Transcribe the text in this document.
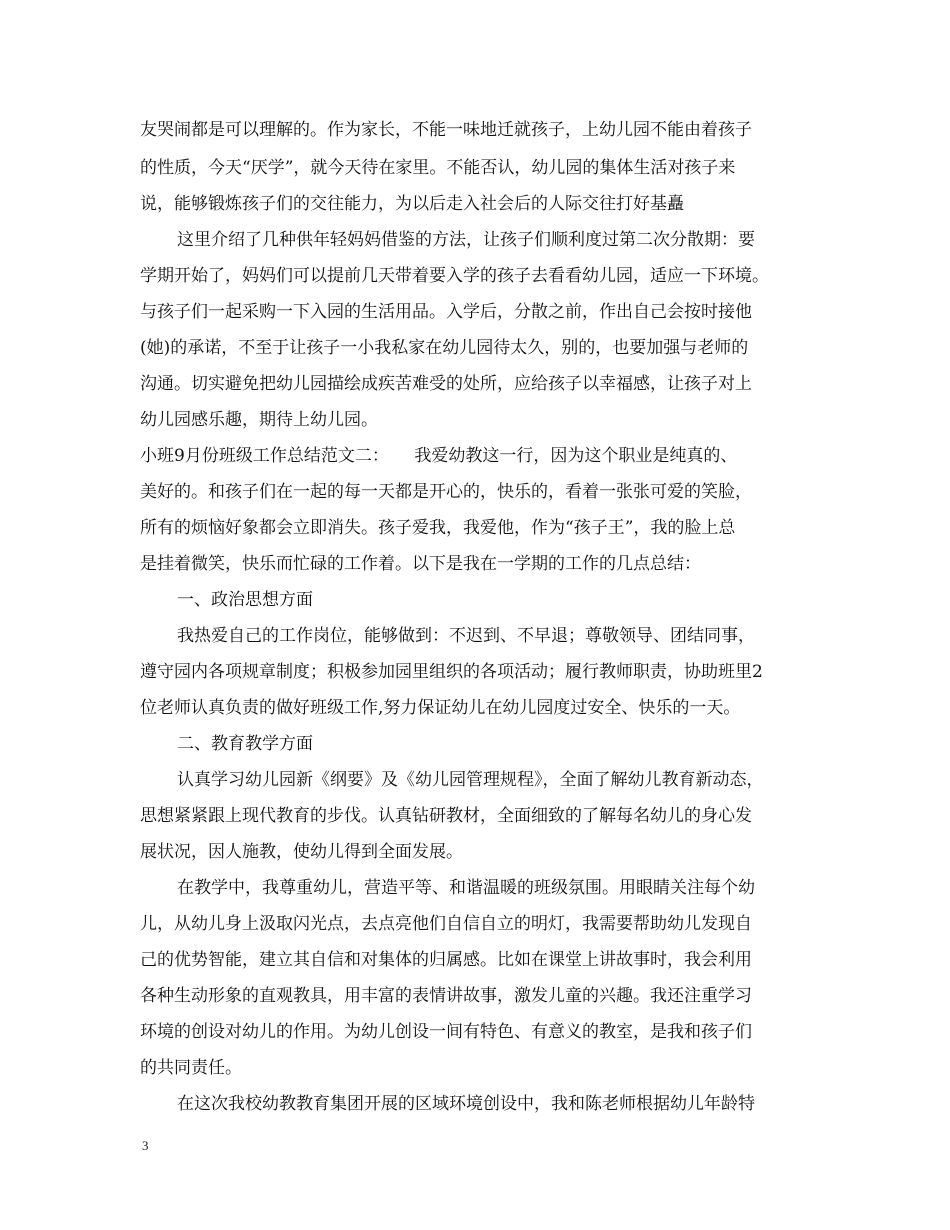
友哭闹都是可以理解的。作为家长，不能一味地迁就孩子，上幼儿园不能由着孩子

的性质，今天“厌学”，就今天待在家里。不能否认，幼儿园的集体生活对孩子来

说，能够锻炼孩子们的交往能力，为以后走入社会后的人际交往打好基矗

这里介绍了几种供年轻妈妈借鉴的方法，让孩子们顺利度过第二次分散期：要

学期开始了，妈妈们可以提前几天带着要入学的孩子去看看幼儿园，适应一下环境。

与孩子们一起采购一下入园的生活用品。入学后，分散之前，作出自己会按时接他

(她)的承诺，不至于让孩子一小我私家在幼儿园待太久，别的，也要加强与老师的

沟通。切实避免把幼儿园描绘成疾苦难受的处所，应给孩子以幸福感，让孩子对上

幼儿园感乐趣，期待上幼儿园。

小班9月份班级工作总结范文二：　　我爱幼教这一行，因为这个职业是纯真的、

美好的。和孩子们在一起的每一天都是开心的，快乐的，看着一张张可爱的笑脸，

所有的烦恼好象都会立即消失。孩子爱我，我爱他，作为“孩子王”，我的脸上总

是挂着微笑，快乐而忙碌的工作着。以下是我在一学期的工作的几点总结：

一、政治思想方面

我热爱自己的工作岗位，能够做到：不迟到、不早退；尊敬领导、团结同事，

遵守园内各项规章制度；积极参加园里组织的各项活动；履行教师职责，协助班里2

位老师认真负责的做好班级工作,努力保证幼儿在幼儿园度过安全、快乐的一天。

二、教育教学方面

认真学习幼儿园新《纲要》及《幼儿园管理规程》，全面了解幼儿教育新动态，

思想紧紧跟上现代教育的步伐。认真钻研教材，全面细致的了解每名幼儿的身心发

展状况，因人施教，使幼儿得到全面发展。

在教学中，我尊重幼儿，营造平等、和谐温暖的班级氛围。用眼睛关注每个幼

儿，从幼儿身上汲取闪光点，去点亮他们自信自立的明灯，我需要帮助幼儿发现自

己的优势智能，建立其自信和对集体的归属感。比如在课堂上讲故事时，我会利用

各种生动形象的直观教具，用丰富的表情讲故事，激发儿童的兴趣。我还注重学习

环境的创设对幼儿的作用。为幼儿创设一间有特色、有意义的教室，是我和孩子们

的共同责任。

在这次我校幼教教育集团开展的区域环境创设中，我和陈老师根据幼儿年龄特

3
